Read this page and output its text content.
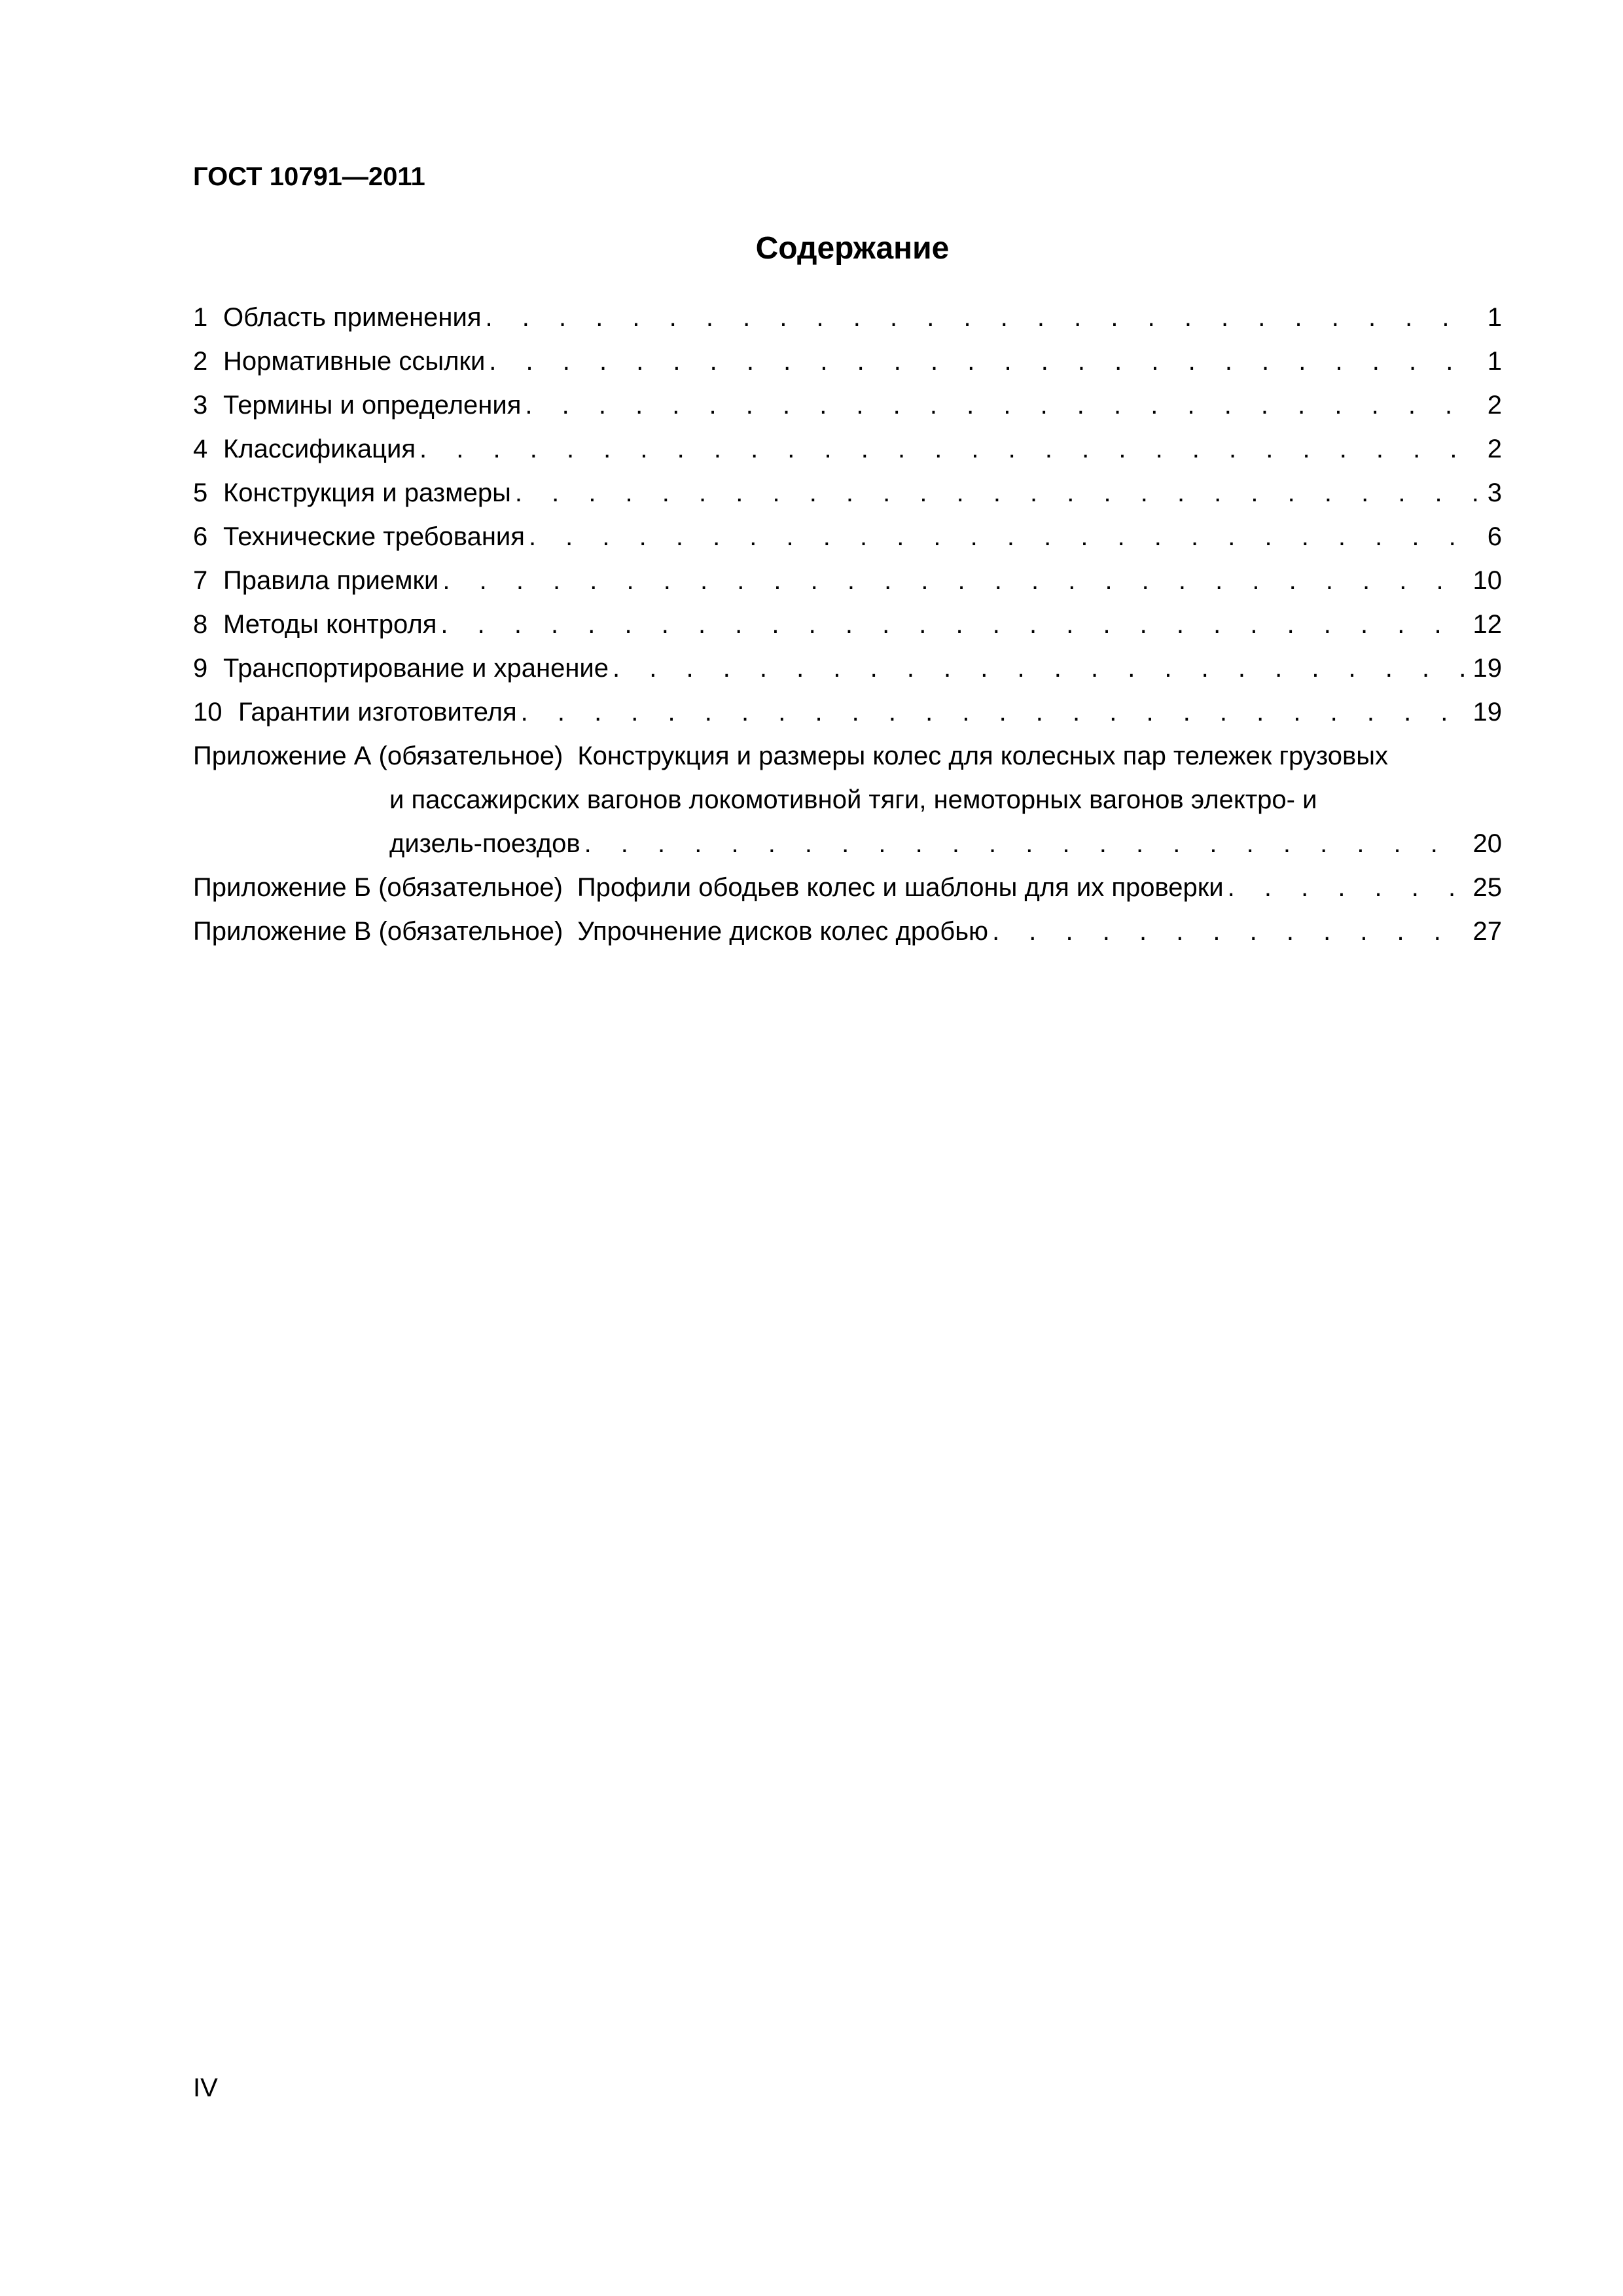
ГОСТ 10791—2011
Содержание
1 Область применения . . .	1
2 Нормативные ссылки . . .	1
3 Термины и определения . . .	2
4 Классификация . . .	2
5 Конструкция и размеры . . .	3
6 Технические требования . . .	6
7 Правила приемки . . .	10
8 Методы контроля . . .	12
9 Транспортирование и хранение . . .	19
10 Гарантии изготовителя . . .	19
Приложение А (обязательное) Конструкция и размеры колес для колесных пар тележек грузовых
и пассажирских вагонов локомотивной тяги, немоторных вагонов электро- и
дизель-поездов . . .	20
Приложение Б (обязательное) Профили ободьев колес и шаблоны для их проверки . . .	25
Приложение В (обязательное) Упрочнение дисков колес дробью . . .	27
IV
